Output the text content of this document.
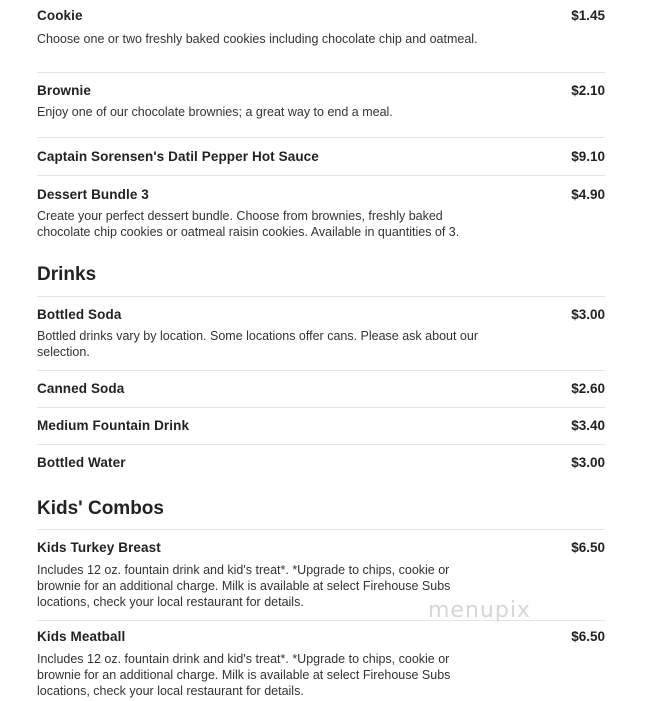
Cookie	$1.45
Choose one or two freshly baked cookies including chocolate chip and oatmeal.
Brownie	$2.10
Enjoy one of our chocolate brownies; a great way to end a meal.
Captain Sorensen's Datil Pepper Hot Sauce	$9.10
Dessert Bundle 3	$4.90
Create your perfect dessert bundle. Choose from brownies, freshly baked chocolate chip cookies or oatmeal raisin cookies. Available in quantities of 3.
Drinks
Bottled Soda	$3.00
Bottled drinks vary by location. Some locations offer cans. Please ask about our selection.
Canned Soda	$2.60
Medium Fountain Drink	$3.40
Bottled Water	$3.00
Kids' Combos
Kids Turkey Breast	$6.50
Includes 12 oz. fountain drink and kid's treat*. *Upgrade to chips, cookie or brownie for an additional charge. Milk is available at select Firehouse Subs locations, check your local restaurant for details.
Kids Meatball	$6.50
Includes 12 oz. fountain drink and kid's treat*. *Upgrade to chips, cookie or brownie for an additional charge. Milk is available at select Firehouse Subs locations, check your local restaurant for details.
menupix
